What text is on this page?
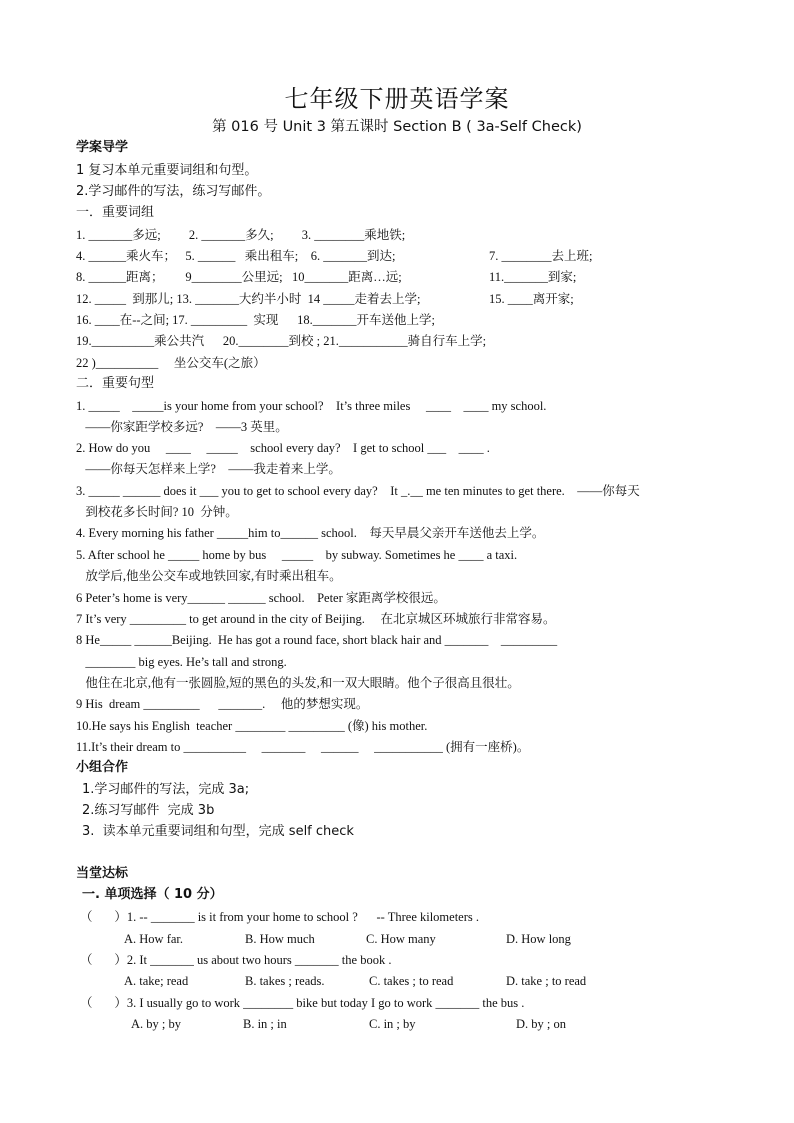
七年级下册英语学案
第 016 号 Unit 3 第五课时 Section B ( 3a-Self Check)
学案导学
1 复习本单元重要词组和句型。
2.学习邮件的写法，练习写邮件。
一．重要词组
1. _______多远;         2. _______多久;         3. ________乘地铁;
4. ______乘火车；   5. ______   乘出租车;    6. _______到达;	7. ________去上班;
8. ______距离；       9________公里远;   10_______距离…远;	11._______到家;
12. _____  到那儿; 13. _______大约半小时  14 _____走着去上学;	15. ____离开家;
16. ____在--之间; 17. _________  实现      18._______开车送他上学;
19.__________乘公共汽      20.________到校 ; 21.___________骑自行车上学;
22 )__________     坐公交车(之旅）
二．重要句型
1. _____    _____is your home from your school?    It’s three miles     ____    ____ my school.
——你家距学校多远?    ——3 英里。
2. How do you     ____     _____    school every day?    I get to school ___    ____ .
——你每天怎样来上学?    ——我走着来上学。
3. _____ ______ does it ___ you to get to school every day?    It _.__ me ten minutes to get there.    ——你每天
到校花多长时间? 10  分钟。
4. Every morning his father _____him to______ school.    每天早晨父亲开车送他去上学。
5. After school he _____ home by bus     _____    by subway. Sometimes he ____ a taxi.
放学后,他坐公交车或地铁回家,有时乘出租车。
6 Peter’s home is very______ ______ school.    Peter 家距离学校很远。
7 It’s very _________ to get around in the city of Beijing.     在北京城区环城旅行非常容易。
8 He_____ ______Beijing.  He has got a round face, short black hair and _______    _________
________ big eyes. He’s tall and strong.
他住在北京,他有一张圆脸,短的黑色的头发,和一双大眼睛。他个子很高且很壮。
9 His  dream _________      _______.     他的梦想实现。
10.He says his English  teacher ________ _________ (像) his mother.
11.It’s their dream to __________     _______     ______     ___________ (拥有一座桥)。
小组合作
1.学习邮件的写法，完成 3a;
2.练习写邮件  完成 3b
3.  读本单元重要词组和句型，完成 self check
当堂达标
一. 单项选择（ 10 分）
（       ）1. -- _______ is it from your home to school ?      -- Three kilometers .
A. How far.	B. How much	C. How many	D. How long
（       ）2. It _______ us about two hours _______ the book .
A. take; read	B. takes ; reads.	C. takes ; to read	D. take ; to read
（       ）3. I usually go to work ________ bike but today I go to work _______ the bus .
A. by ; by	B. in ; in	C. in ; by	D. by ; on
